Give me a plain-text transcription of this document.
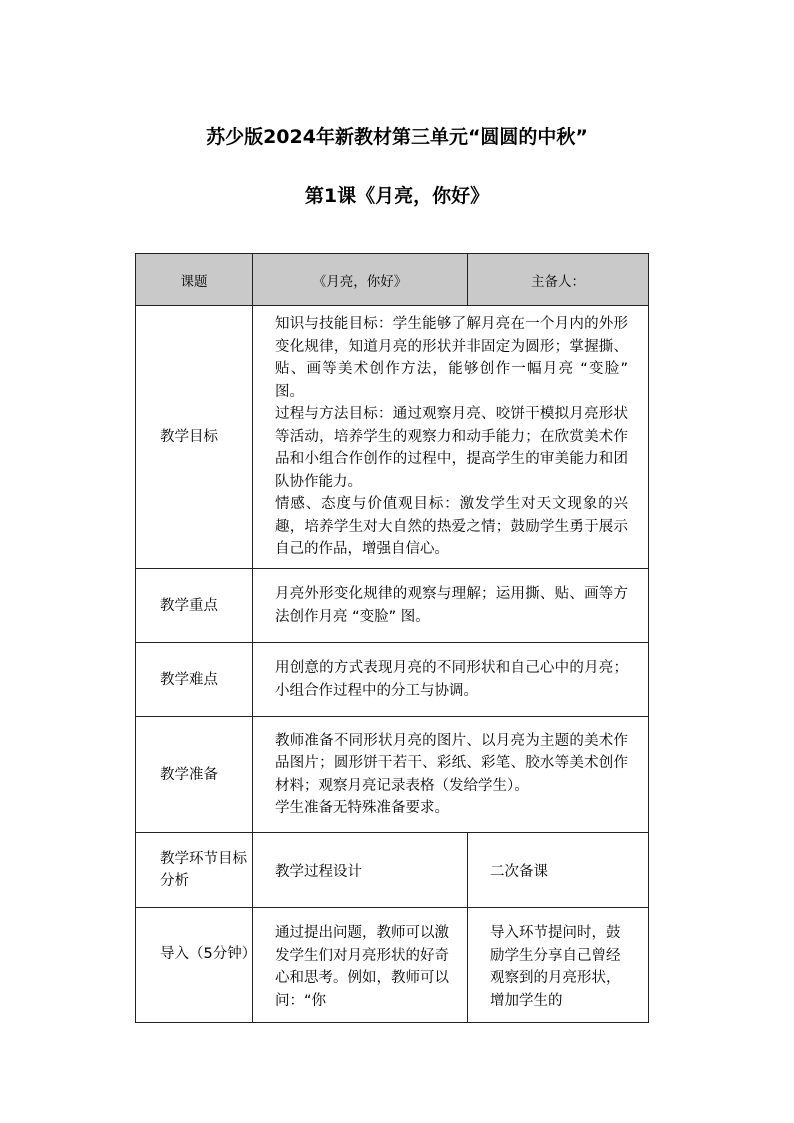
苏少版2024年新教材第三单元“圆圆的中秋”
第1课《月亮，你好》
课题	《月亮，你好》	主备人：
教学目标	知识与技能目标：学生能够了解月亮在一个月内的外形变化规律，知道月亮的形状并非固定为圆形；掌握撕、贴、画等美术创作方法，能够创作一幅月亮 “变脸” 图。

过程与方法目标：通过观察月亮、咬饼干模拟月亮形状等活动，培养学生的观察力和动手能力；在欣赏美术作品和小组合作创作的过程中，提高学生的审美能力和团队协作能力。

情感、态度与价值观目标：激发学生对天文现象的兴趣，培养学生对大自然的热爱之情；鼓励学生勇于展示自己的作品，增强自信心。	

教学重点	月亮外形变化规律的观察与理解；运用撕、贴、画等方法创作月亮 “变脸” 图。	

教学难点	用创意的方式表现月亮的不同形状和自己心中的月亮；小组合作过程中的分工与协调。	

教学准备	教师准备不同形状月亮的图片、以月亮为主题的美术作品图片；圆形饼干若干、彩纸、彩笔、胶水等美术创作材料；观察月亮记录表格（发给学生）。

学生准备无特殊准备要求。	

教学环节目标分析	教学过程设计	二次备课
导入（5分钟）	通过提出问题，教师可以激发学生们对月亮形状的好奇心和思考。例如，教师可以问：“你	导入环节提问时，鼓励学生分享自己曾经观察到的月亮形状，增加学生的
